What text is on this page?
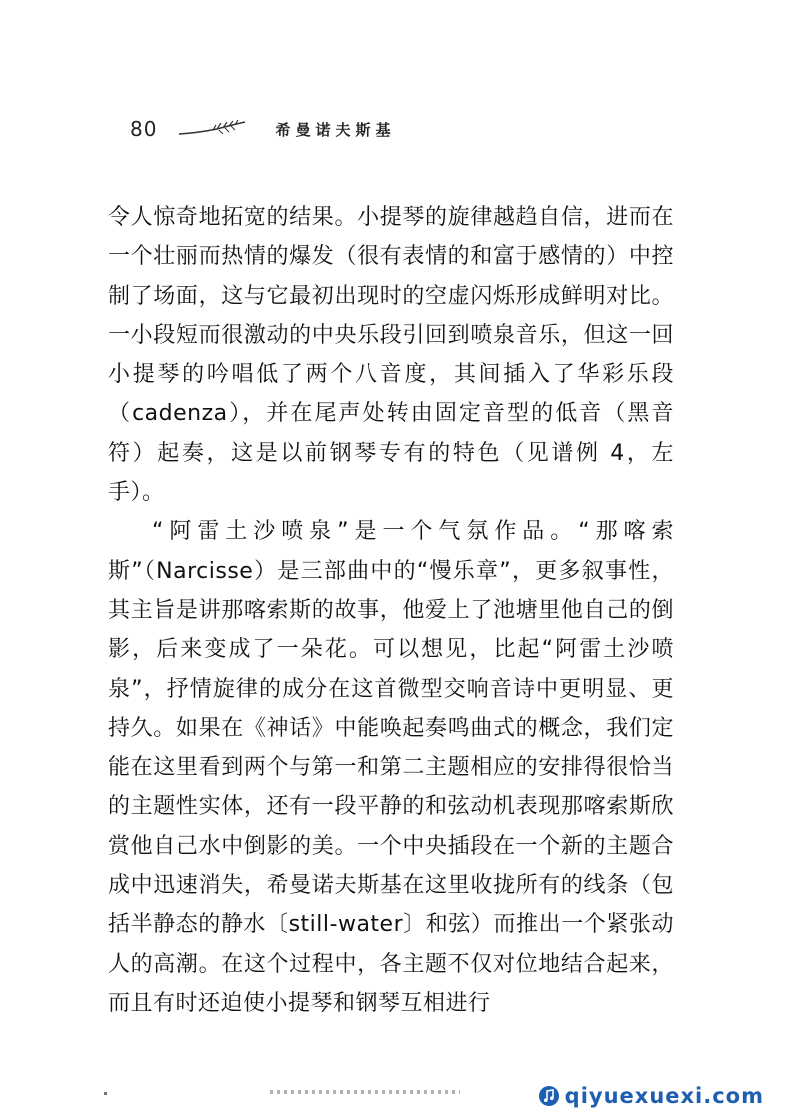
80	希曼诺夫斯基

令人惊奇地拓宽的结果。小提琴的旋律越趋自信，进而在一个壮丽而热情的爆发（很有表情的和富于感情的）中控制了场面，这与它最初出现时的空虚闪烁形成鲜明对比。一小段短而很激动的中央乐段引回到喷泉音乐，但这一回小提琴的吟唱低了两个八音度，其间插入了华彩乐段（cadenza），并在尾声处转由固定音型的低音（黑音符）起奏，这是以前钢琴专有的特色（见谱例 4，左手）。

“阿雷土沙喷泉”是一个气氛作品。“那喀索斯”（Narcisse）是三部曲中的“慢乐章”，更多叙事性，其主旨是讲那喀索斯的故事，他爱上了池塘里他自己的倒影，后来变成了一朵花。可以想见，比起“阿雷土沙喷泉”，抒情旋律的成分在这首微型交响音诗中更明显、更持久。如果在《神话》中能唤起奏鸣曲式的概念，我们定能在这里看到两个与第一和第二主题相应的安排得很恰当的主题性实体，还有一段平静的和弦动机表现那喀索斯欣赏他自己水中倒影的美。一个中央插段在一个新的主题合成中迅速消失，希曼诺夫斯基在这里收拢所有的线条（包括半静态的静水〔still-water〕和弦）而推出一个紧张动人的高潮。在这个过程中，各主题不仅对位地结合起来，而且有时还迫使小提琴和钢琴互相进行

qiyuexuexi.com
